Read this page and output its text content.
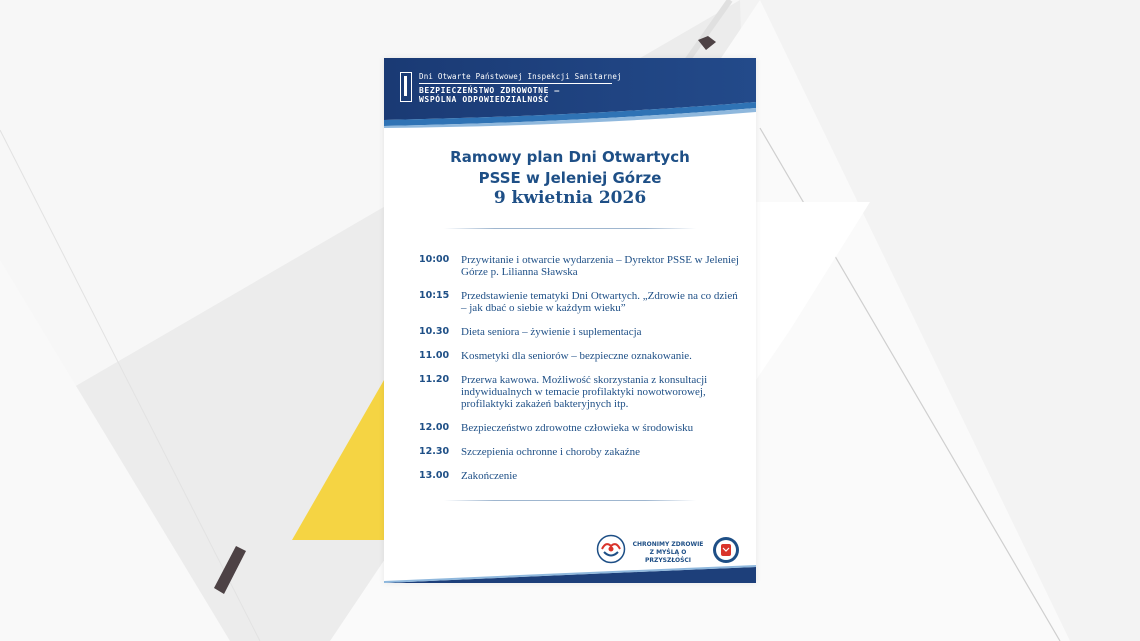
Dni Otwarte Państwowej Inspekcji Sanitarnej
BEZPIECZEŃSTWO ZDROWOTNE –
WSPÓLNA ODPOWIEDZIALNOŚĆ
Ramowy plan Dni Otwartych
PSSE w Jeleniej Górze
9 kwietnia 2026
10:00	Przywitanie i otwarcie wydarzenia – Dyrektor PSSE w Jeleniej Górze p. Lilianna Sławska
10:15	Przedstawienie tematyki Dni Otwartych. „Zdrowie na co dzień – jak dbać o siebie w każdym wieku”
10.30	Dieta seniora – żywienie i suplementacja
11.00	Kosmetyki dla seniorów – bezpieczne oznakowanie.
11.20	Przerwa kawowa. Możliwość skorzystania z konsultacji indywidualnych w temacie profilaktyki nowotworowej, profilaktyki zakażeń bakteryjnych itp.
12.00	Bezpieczeństwo zdrowotne człowieka w środowisku
12.30	Szczepienia ochronne i choroby zakaźne
13.00	Zakończenie
CHRONIMY ZDROWIE
Z MYŚLĄ O PRZYSZŁOŚCI
